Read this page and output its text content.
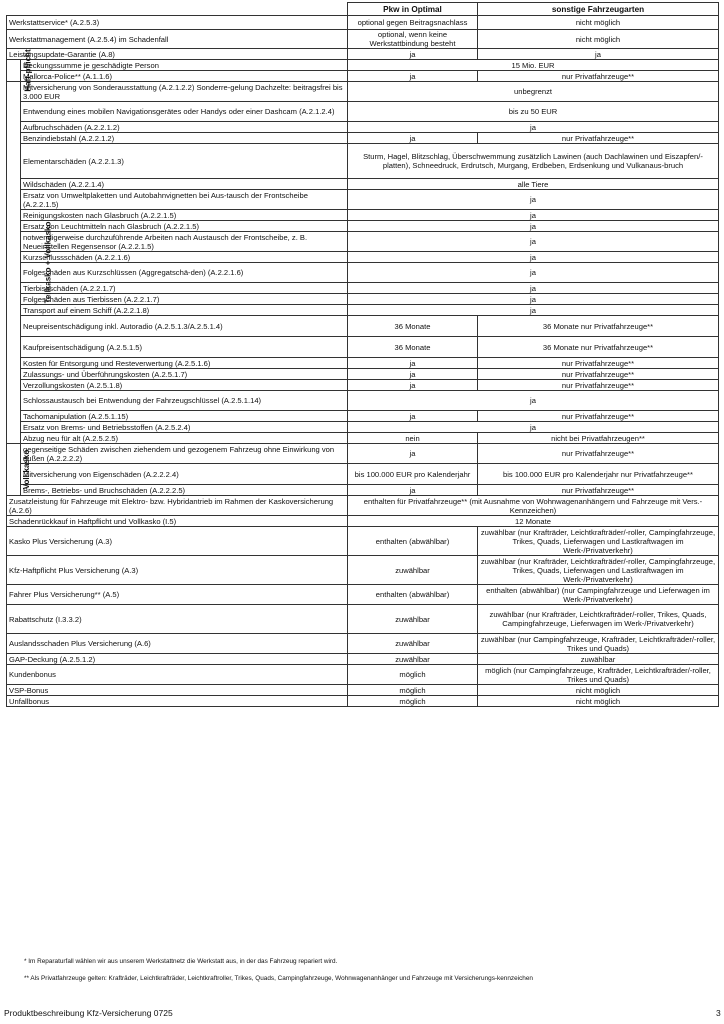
		Pkw in Optimal	sonstige Fahrzeugarten
Werkstattservice* (A.2.5.3)		optional gegen Beitragsnachlass	nicht möglich
Werkstattmanagement (A.2.5.4) im Schadenfall		optional, wenn keine Werkstattbindung besteht	nicht möglich
Leistungsupdate-Garantie (A.8)		ja	ja
Haft-pflicht	Deckungssumme je geschädigte Person	15 Mio. EUR	
	Mallorca-Police** (A.1.1.6)	ja	nur Privatfahrzeuge**
Teilkasko + Vollkasko	Mitversicherung von Sonderausstattung (A.2.1.2.2) Sonderre-gelung Dachzelte: beitragsfrei bis 3.000 EUR	unbegrenzt	
	Entwendung eines mobilen Navigationsgerätes oder Handys oder einer Dashcam (A.2.1.2.4)	bis zu 50 EUR	
	Aufbruchschäden (A.2.2.1.2)	ja	
	Benzindiebstahl (A.2.2.1.2)	ja	nur Privatfahrzeuge**
	Elementarschäden (A.2.2.1.3)	Sturm, Hagel, Blitzschlag, Überschwemmung zusätzlich Lawinen (auch Dachlawinen und Eiszapfen/-platten), Schneedruck, Erdrutsch, Murgang, Erdbeben, Erdsenkung und Vulkanaus-bruch	
	Wildschäden (A.2.2.1.4)	alle Tiere	
	Ersatz von Umweltplaketten und Autobahnvignetten bei Aus-tausch der Frontscheibe (A.2.2.1.5)	ja	
	Reinigungskosten nach Glasbruch (A.2.2.1.5)	ja	
	Ersatz von Leuchtmitteln nach Glasbruch (A.2.2.1.5)	ja	
	notwendigerweise durchzuführende Arbeiten nach Austausch der Frontscheibe, z. B. Neueinstellen Regensensor (A.2.2.1.5)	ja	
	Kurzschlussschäden (A.2.2.1.6)	ja	
	Folgeschäden aus Kurzschlüssen (Aggregatschä-den) (A.2.2.1.6)	ja	
	Tierbissschäden (A.2.2.1.7)	ja	
	Folgeschäden aus Tierbissen (A.2.2.1.7)	ja	
	Transport auf einem Schiff (A.2.2.1.8)	ja	
	Neupreisentschädigung inkl. Autoradio (A.2.5.1.3/A.2.5.1.4)	36 Monate	36 Monate nur Privatfahrzeuge**
	Kaufpreisentschädigung (A.2.5.1.5)	36 Monate	36 Monate nur Privatfahrzeuge**
	Kosten für Entsorgung und Resteverwertung (A.2.5.1.6)	ja	nur Privatfahrzeuge**
	Zulassungs- und Überführungskosten (A.2.5.1.7)	ja	nur Privatfahrzeuge**
	Verzollungskosten (A.2.5.1.8)	ja	nur Privatfahrzeuge**
	Schlossaustausch bei Entwendung der Fahrzeugschlüssel (A.2.5.1.14)	ja	
	Tachomanipulation (A.2.5.1.15)	ja	nur Privatfahrzeuge**
	Ersatz von Brems- und Betriebsstoffen (A.2.5.2.4)	ja	
	Abzug neu für alt (A.2.5.2.5)	nein	nicht bei Privatfahrzeugen**
Voll-kasko	gegenseitige Schäden zwischen ziehendem und gezogenem Fahrzeug ohne Einwirkung von außen (A.2.2.2.2)	ja	nur Privatfahrzeuge**
	Mitversicherung von Eigenschäden (A.2.2.2.4)	bis 100.000 EUR pro Kalenderjahr	bis 100.000 EUR pro Kalenderjahr nur Privatfahrzeuge**
	Brems-, Betriebs- und Bruchschäden (A.2.2.2.5)	ja	nur Privatfahrzeuge**
Zusatzleistung für Fahrzeuge mit Elektro- bzw. Hybridantrieb im Rahmen der Kaskoversicherung (A.2.6)		enthalten für Privatfahrzeuge** (mit Ausnahme von Wohnwagenanhängern und Fahrzeuge mit Vers.-Kennzeichen)	
Schadenrückkauf in Haftpflicht und Vollkasko (I.5)		12 Monate	
Kasko Plus Versicherung (A.3)		enthalten (abwählbar)	zuwählbar (nur Krafträder, Leichtkrafträder/-roller, Campingfahrzeuge, Trikes, Quads, Lieferwagen und Lastkraftwagen im Werk-/Privatverkehr)
Kfz-Haftpflicht Plus Versicherung (A.3)		zuwählbar	zuwählbar (nur Krafträder, Leichtkrafträder/-roller, Campingfahrzeuge, Trikes, Quads, Lieferwagen und Lastkraftwagen im Werk-/Privatverkehr)
Fahrer Plus Versicherung** (A.5)		enthalten (abwählbar)	enthalten (abwählbar) (nur Campingfahrzeuge und Lieferwagen im Werk-/Privatverkehr)
Rabattschutz (I.3.3.2)		zuwählbar	zuwählbar (nur Krafträder, Leichtkrafträder/-roller, Trikes, Quads, Campingfahrzeuge, Lieferwagen im Werk-/Privatverkehr)
Auslandsschaden Plus Versicherung (A.6)		zuwählbar	zuwählbar (nur Campingfahrzeuge, Krafträder, Leichtkrafträder/-roller, Trikes und Quads)
GAP-Deckung (A.2.5.1.2)		zuwählbar	zuwählbar
Kundenbonus		möglich	möglich (nur Campingfahrzeuge, Krafträder, Leichtkrafträder/-roller, Trikes und Quads)
VSP-Bonus		möglich	nicht möglich
Unfallbonus		möglich	nicht möglich
* Im Reparaturfall wählen wir aus unserem Werkstattnetz die Werkstatt aus, in der das Fahrzeug repariert wird.
** Als Privatfahrzeuge gelten: Krafträder, Leichtkrafträder, Leichtkraftroller, Trikes, Quads, Campingfahrzeuge, Wohnwagenanhänger und Fahrzeuge mit Versicherungs-kennzeichen
Produktbeschreibung Kfz-Versicherung 0725	3
